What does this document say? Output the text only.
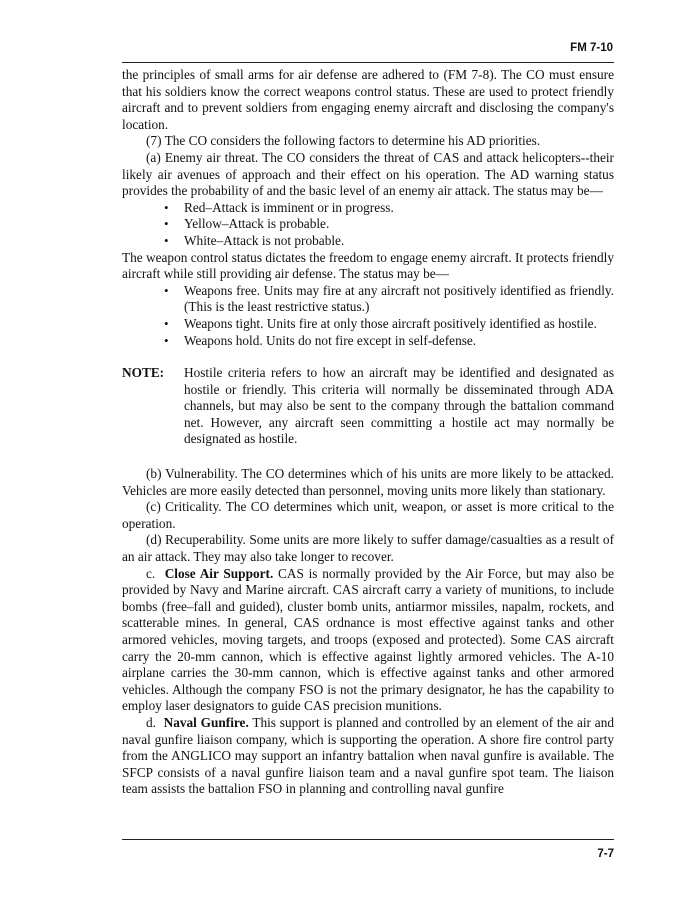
FM 7-10

the principles of small arms for air defense are adhered to (FM 7-8). The CO must ensure that his soldiers know the correct weapons control status. These are used to protect friendly aircraft and to prevent soldiers from engaging enemy aircraft and disclosing the company's location.

(7) The CO considers the following factors to determine his AD priorities.

(a) Enemy air threat. The CO considers the threat of CAS and attack helicopters--their likely air avenues of approach and their effect on his operation. The AD warning status provides the probability of and the basic level of an enemy air attack. The status may be—

• Red–Attack is imminent or in progress.
• Yellow–Attack is probable.
• White–Attack is not probable.

The weapon control status dictates the freedom to engage enemy aircraft. It protects friendly aircraft while still providing air defense. The status may be—

• Weapons free. Units may fire at any aircraft not positively identified as friendly. (This is the least restrictive status.)
• Weapons tight. Units fire at only those aircraft positively identified as hostile.
• Weapons hold. Units do not fire except in self-defense.
NOTE:	Hostile criteria refers to how an aircraft may be identified and designated as hostile or friendly. This criteria will normally be disseminated through ADA channels, but may also be sent to the company through the battalion command net. However, any aircraft seen committing a hostile act may normally be designated as hostile.

(b) Vulnerability. The CO determines which of his units are more likely to be attacked. Vehicles are more easily detected than personnel, moving units more likely than stationary.

(c) Criticality. The CO determines which unit, weapon, or asset is more critical to the operation.

(d) Recuperability. Some units are more likely to suffer damage/casualties as a result of an air attack. They may also take longer to recover.

c. Close Air Support. CAS is normally provided by the Air Force, but may also be provided by Navy and Marine aircraft. CAS aircraft carry a variety of munitions, to include bombs (free–fall and guided), cluster bomb units, antiarmor missiles, napalm, rockets, and scatterable mines. In general, CAS ordnance is most effective against tanks and other armored vehicles, moving targets, and troops (exposed and protected). Some CAS aircraft carry the 20-mm cannon, which is effective against lightly armored vehicles. The A-10 airplane carries the 30-mm cannon, which is effective against tanks and other armored vehicles. Although the company FSO is not the primary designator, he has the capability to employ laser designators to guide CAS precision munitions.

d. Naval Gunfire. This support is planned and controlled by an element of the air and naval gunfire liaison company, which is supporting the operation. A shore fire control party from the ANGLICO may support an infantry battalion when naval gunfire is available. The SFCP consists of a naval gunfire liaison team and a naval gunfire spot team. The liaison team assists the battalion FSO in planning and controlling naval gunfire

7-7
